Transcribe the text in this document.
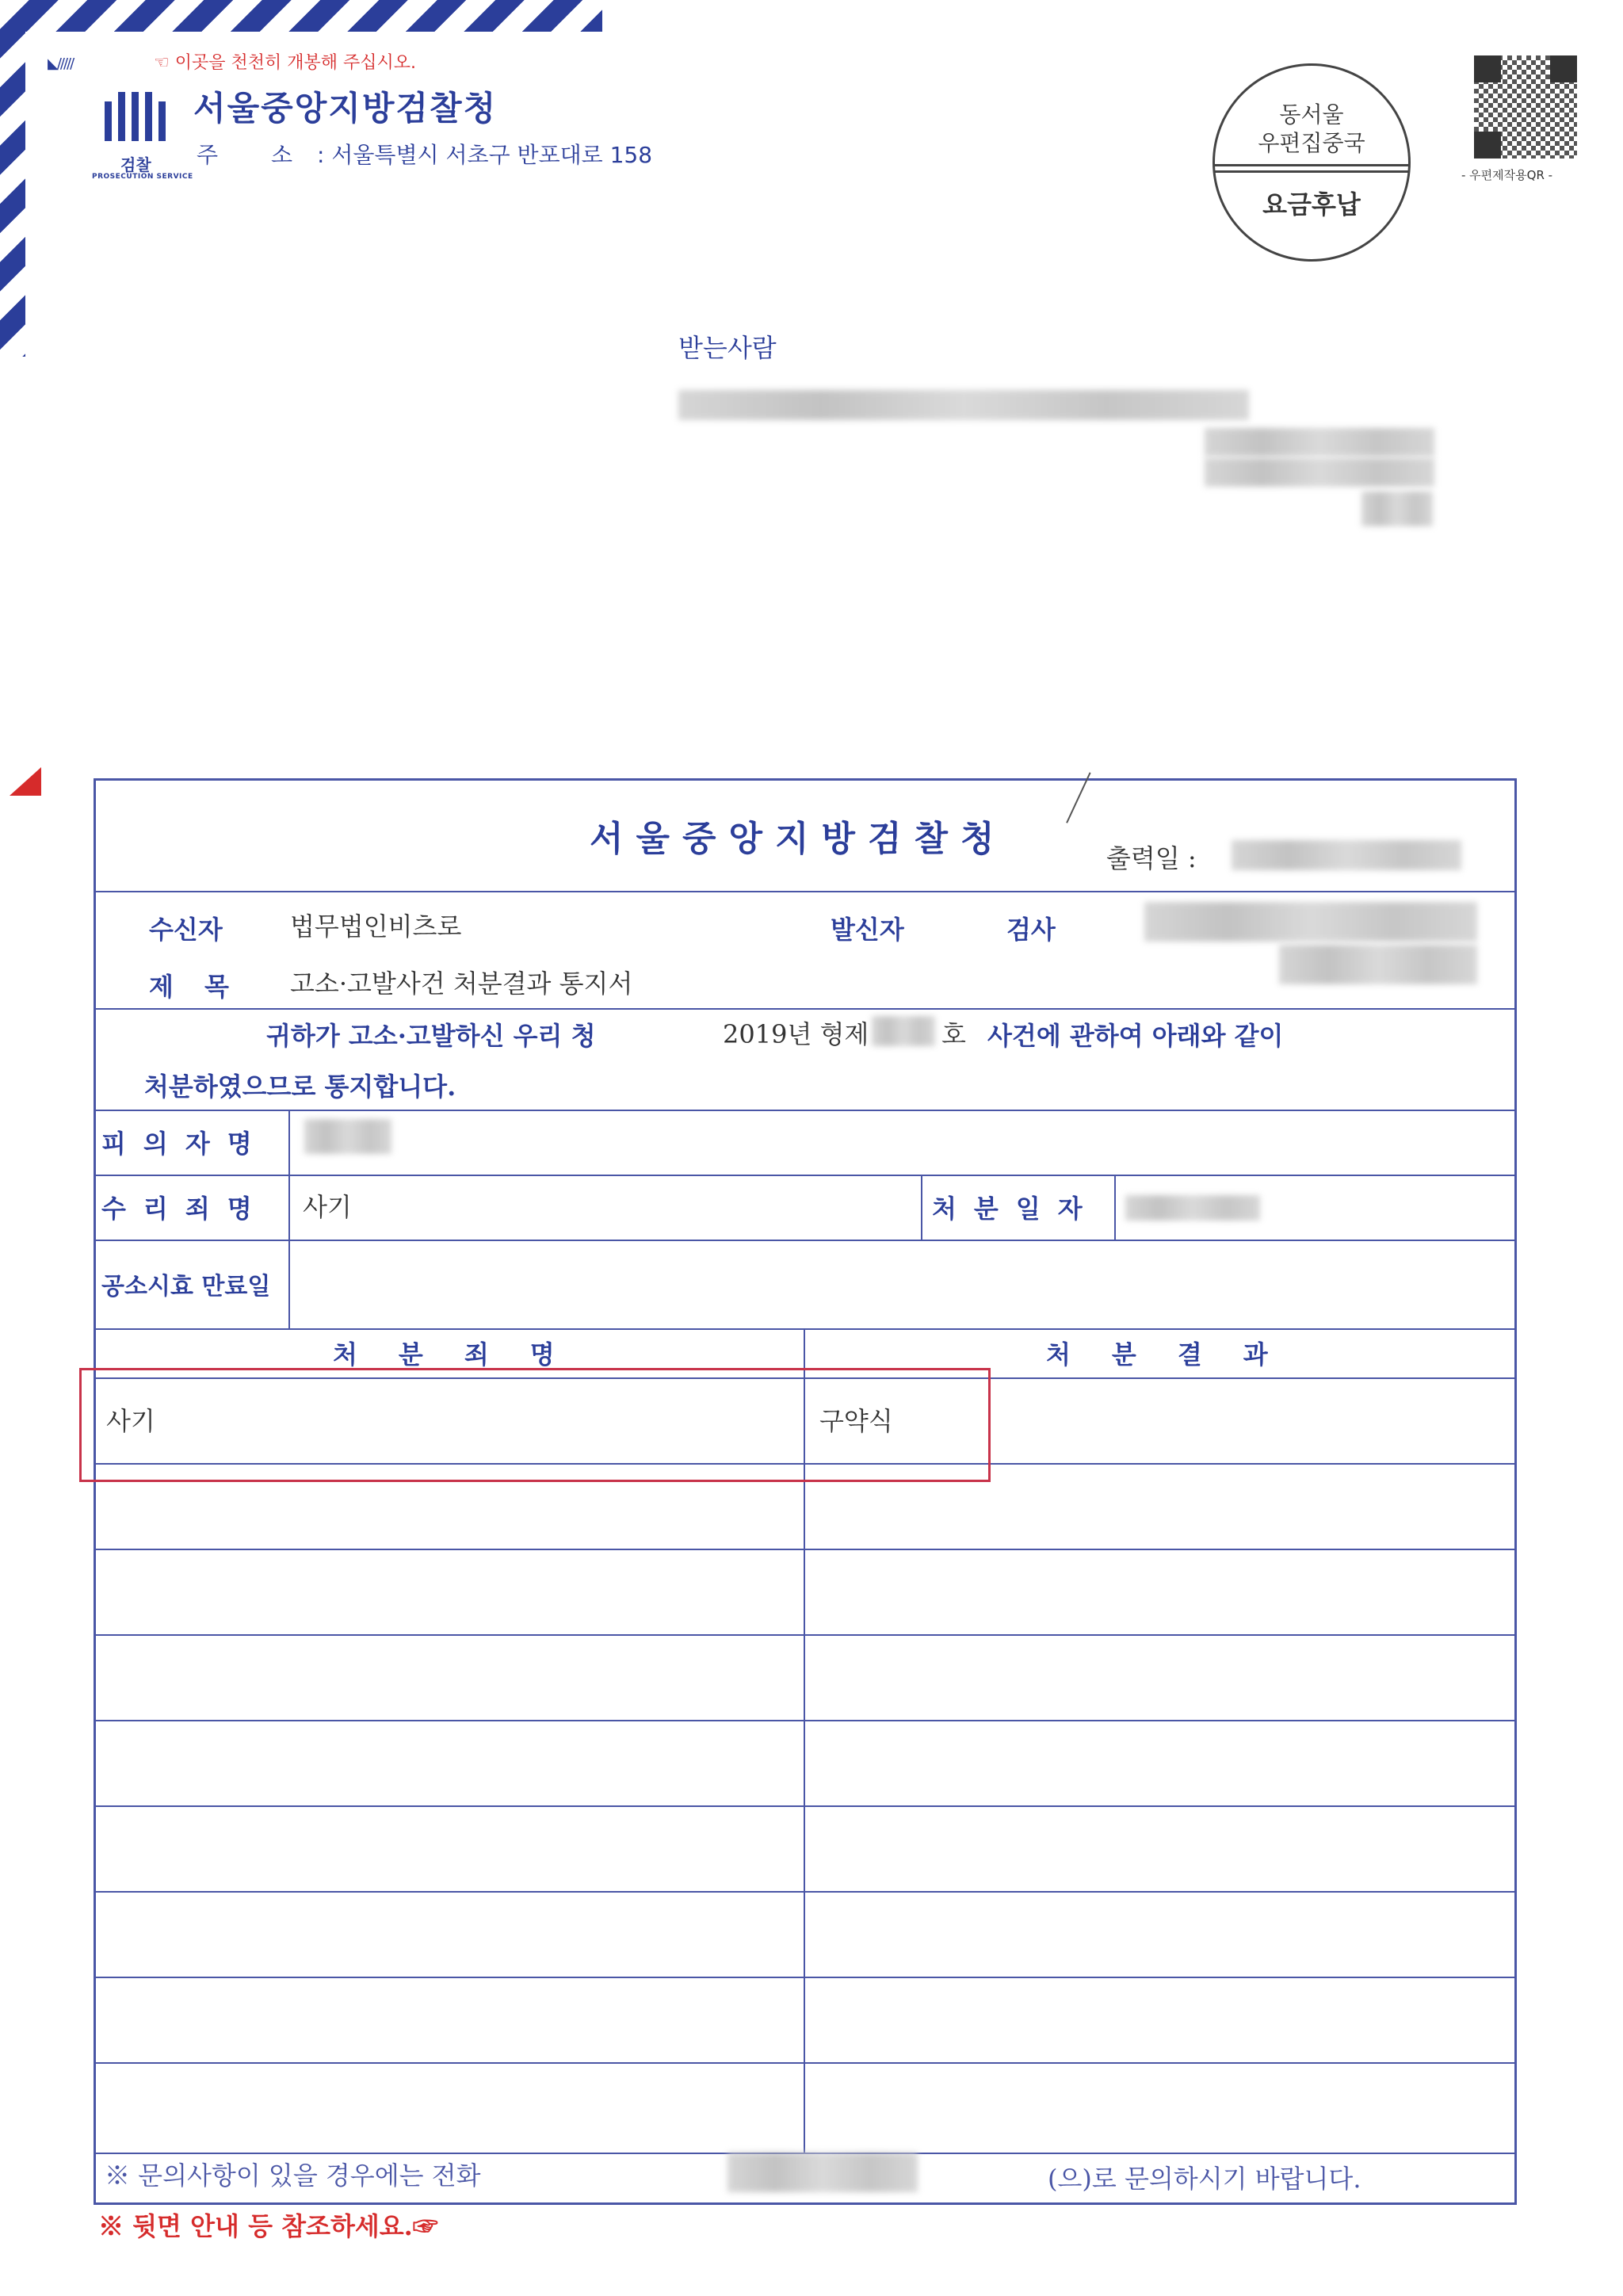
◣/////	☜ 이곳을 천천히 개봉해 주십시오.
검찰
PROSECUTION SERVICE
서울중앙지방검찰청
주 소 : 서울특별시 서초구 반포대로 158
동서울
우편집중국
요금후납
- 우편제작용QR -
받는사람
서울중앙지방검찰청	출력일 :
수신자	법무법인비츠로
제 목 고소·고발사건 처분결과 통지서
발신자	검사
귀하가 고소·고발하신 우리 청	2019년 형제	호 사건에 관하여 아래와 같이
처분하였으므로 통지합니다.
피의자명
수리죄명 사기	처분일자
공소시효 만료일
처분죄명	처분결과
사기	구약식
※ 문의사항이 있을 경우에는 전화	(으)로 문의하시기 바랍니다.
※ 뒷면 안내 등 참조하세요.☞
